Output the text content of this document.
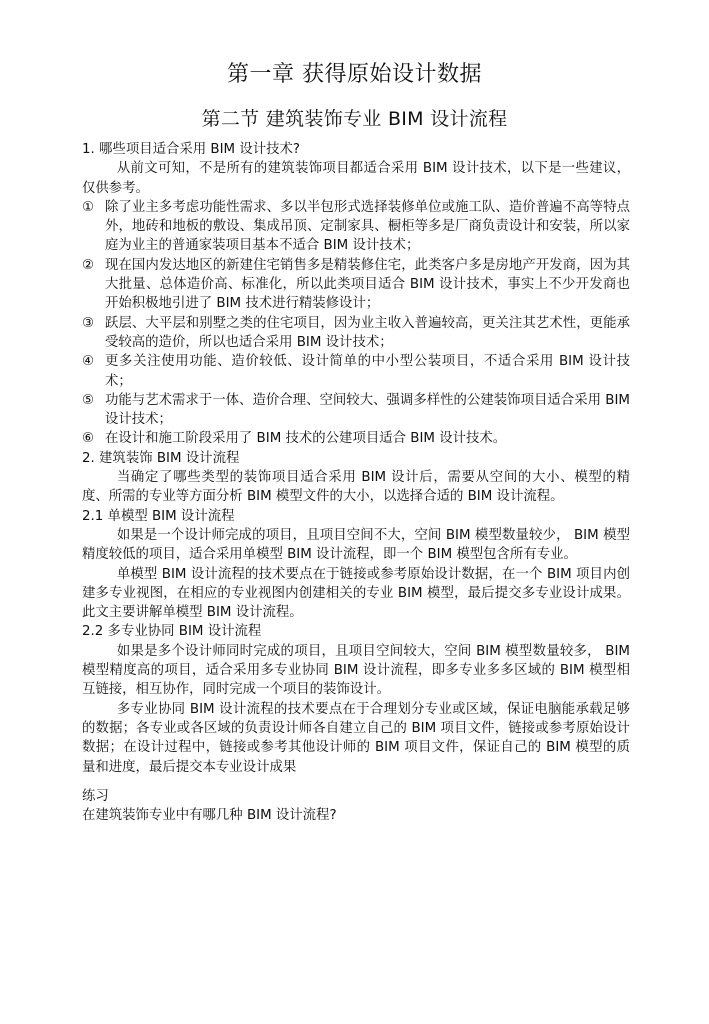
第一章 获得原始设计数据
第二节 建筑装饰专业 BIM 设计流程

1. 哪些项目适合采用 BIM 设计技术?

从前文可知，不是所有的建筑装饰项目都适合采用 BIM 设计技术，以下是一些建议，仅供参考。

① 除了业主多考虑功能性需求、多以半包形式选择装修单位或施工队、造价普遍不高等特点外，地砖和地板的敷设、集成吊顶、定制家具、橱柜等多是厂商负责设计和安装，所以家庭为业主的普通家装项目基本不适合 BIM 设计技术；
② 现在国内发达地区的新建住宅销售多是精装修住宅，此类客户多是房地产开发商，因为其大批量、总体造价高、标准化，所以此类项目适合 BIM 设计技术，事实上不少开发商也开始积极地引进了 BIM 技术进行精装修设计；
③ 跃层、大平层和别墅之类的住宅项目，因为业主收入普遍较高，更关注其艺术性，更能承受较高的造价，所以也适合采用 BIM 设计技术；
④ 更多关注使用功能、造价较低、设计简单的中小型公装项目，不适合采用 BIM 设计技术；
⑤ 功能与艺术需求于一体、造价合理、空间较大、强调多样性的公建装饰项目适合采用 BIM 设计技术；
⑥ 在设计和施工阶段采用了 BIM 技术的公建项目适合 BIM 设计技术。

2. 建筑装饰 BIM 设计流程

当确定了哪些类型的装饰项目适合采用 BIM 设计后，需要从空间的大小、模型的精度、所需的专业等方面分析 BIM 模型文件的大小，以选择合适的 BIM 设计流程。

2.1 单模型 BIM 设计流程

如果是一个设计师完成的项目，且项目空间不大，空间 BIM 模型数量较少， BIM 模型精度较低的项目，适合采用单模型 BIM 设计流程，即一个 BIM 模型包含所有专业。

单模型 BIM 设计流程的技术要点在于链接或参考原始设计数据，在一个 BIM 项目内创建多专业视图，在相应的专业视图内创建相关的专业 BIM 模型，最后提交多专业设计成果。此文主要讲解单模型 BIM 设计流程。

2.2 多专业协同 BIM 设计流程

如果是多个设计师同时完成的项目，且项目空间较大，空间 BIM 模型数量较多， BIM 模型精度高的项目，适合采用多专业协同 BIM 设计流程，即多专业多多区域的 BIM 模型相互链接，相互协作，同时完成一个项目的装饰设计。

多专业协同 BIM 设计流程的技术要点在于合理划分专业或区域，保证电脑能承载足够的数据；各专业或各区域的负责设计师各自建立自己的 BIM 项目文件，链接或参考原始设计数据；在设计过程中，链接或参考其他设计师的 BIM 项目文件，保证自己的 BIM 模型的质量和进度，最后提交本专业设计成果

练习

在建筑装饰专业中有哪几种 BIM 设计流程?
